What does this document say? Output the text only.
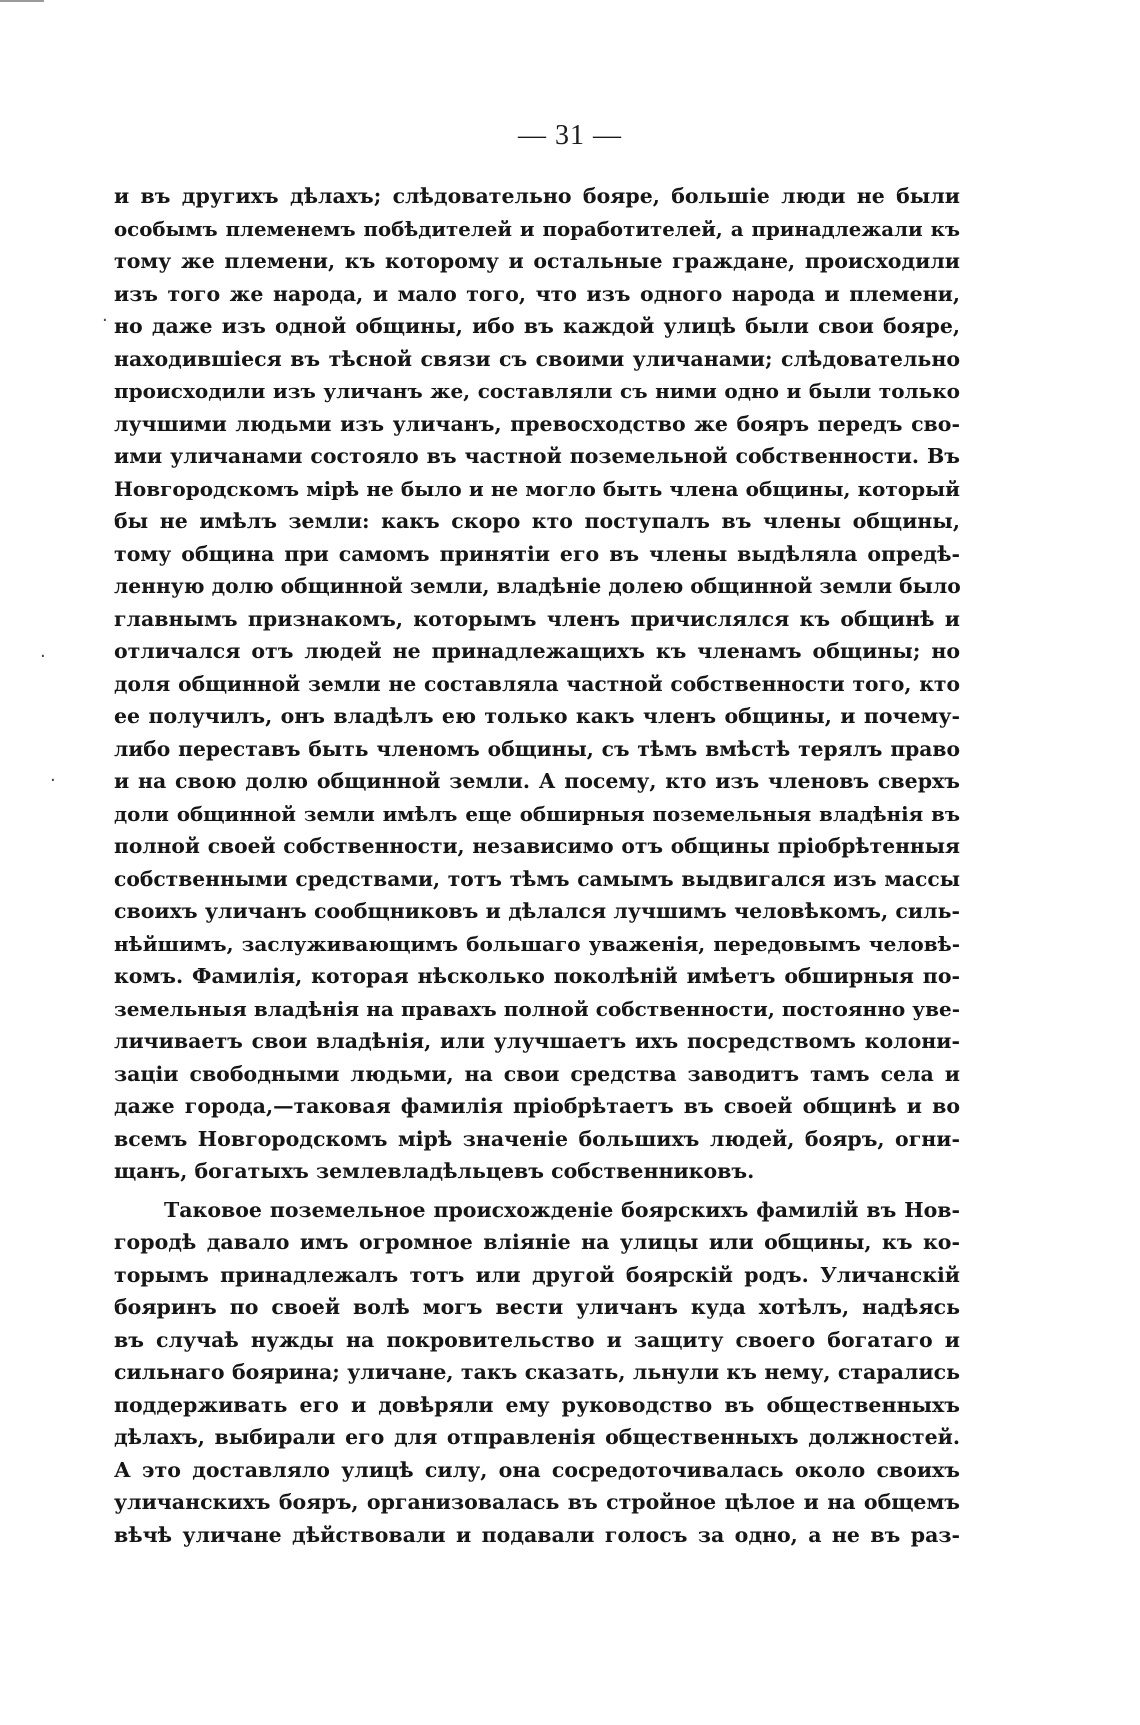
— 31 —
·
·
·
и въ другихъ дѣлахъ; слѣдовательно бояре, большіе люди не были
особымъ племенемъ побѣдителей и поработителей, а принадлежали къ
тому же племени, къ которому и остальные граждане, происходили
изъ того же народа, и мало того, что изъ одного народа и племени,
но даже изъ одной общины, ибо въ каждой улицѣ были свои бояре,
находившіеся въ тѣсной связи съ своими уличанами; слѣдовательно
происходили изъ уличанъ же, составляли съ ними одно и были только
лучшими людьми изъ уличанъ, превосходство же бояръ передъ сво-
ими уличанами состояло въ частной поземельной собственности. Въ
Новгородскомъ мірѣ не было и не могло быть члена общины, который
бы не имѣлъ земли: какъ скоро кто поступалъ въ члены общины,
тому община при самомъ принятіи его въ члены выдѣляла опредѣ-
ленную долю общинной земли, владѣніе долею общинной земли было
главнымъ признакомъ, которымъ членъ причислялся къ общинѣ и
отличался отъ людей не принадлежащихъ къ членамъ общины; но
доля общинной земли не составляла частной собственности того, кто
ее получилъ, онъ владѣлъ ею только какъ членъ общины, и почему-
либо переставъ быть членомъ общины, съ тѣмъ вмѣстѣ терялъ право
и на свою долю общинной земли. А посему, кто изъ членовъ сверхъ
доли общинной земли имѣлъ еще обширныя поземельныя владѣнія въ
полной своей собственности, независимо отъ общины пріобрѣтенныя
собственными средствами, тотъ тѣмъ самымъ выдвигался изъ массы
своихъ уличанъ сообщниковъ и дѣлался лучшимъ человѣкомъ, силь-
нѣйшимъ, заслуживающимъ большаго уваженія, передовымъ человѣ-
комъ. Фамилія, которая нѣсколько поколѣній имѣетъ обширныя по-
земельныя владѣнія на правахъ полной собственности, постоянно уве-
личиваетъ свои владѣнія, или улучшаетъ ихъ посредствомъ колони-
заціи свободными людьми, на свои средства заводитъ тамъ села и
даже города,—таковая фамилія пріобрѣтаетъ въ своей общинѣ и во
всемъ Новгородскомъ мірѣ значеніе большихъ людей, бояръ, огни-
щанъ, богатыхъ землевладѣльцевъ собственниковъ.
Таковое поземельное происхожденіе боярскихъ фамилій въ Нов-
городѣ давало имъ огромное вліяніе на улицы или общины, къ ко-
торымъ принадлежалъ тотъ или другой боярскій родъ. Уличанскій
бояринъ по своей волѣ могъ вести уличанъ куда хотѣлъ, надѣясь
въ случаѣ нужды на покровительство и защиту своего богатаго и
сильнаго боярина; уличане, такъ сказать, льнули къ нему, старались
поддерживать его и довѣряли ему руководство въ общественныхъ
дѣлахъ, выбирали его для отправленія общественныхъ должностей.
А это доставляло улицѣ силу, она сосредоточивалась около своихъ
уличанскихъ бояръ, организовалась въ стройное цѣлое и на общемъ
вѣчѣ уличане дѣйствовали и подавали голосъ за одно, а не въ раз-
